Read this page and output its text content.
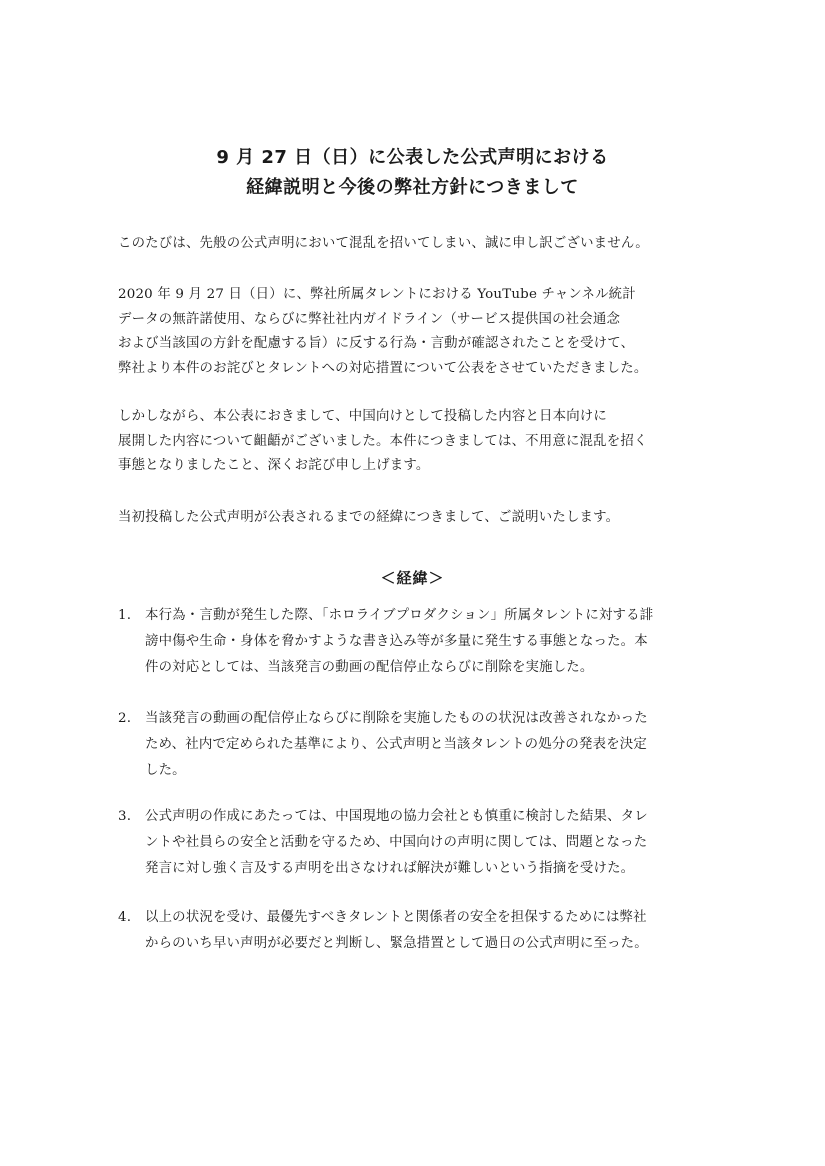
9 月 27 日（日）に公表した公式声明における
経緯説明と今後の弊社方針につきまして
このたびは、先般の公式声明において混乱を招いてしまい、誠に申し訳ございません。
2020 年 9 月 27 日（日）に、弊社所属タレントにおける YouTube チャンネル統計
データの無許諾使用、ならびに弊社社内ガイドライン（サービス提供国の社会通念
および当該国の方針を配慮する旨）に反する行為・言動が確認されたことを受けて、
弊社より本件のお詫びとタレントへの対応措置について公表をさせていただきました。
しかしながら、本公表におきまして、中国向けとして投稿した内容と日本向けに
展開した内容について齟齬がございました。本件につきましては、不用意に混乱を招く
事態となりましたこと、深くお詫び申し上げます。
当初投稿した公式声明が公表されるまでの経緯につきまして、ご説明いたします。
＜経緯＞
1.	本行為・言動が発生した際、「ホロライブプロダクション」所属タレントに対する誹
謗中傷や生命・身体を脅かすような書き込み等が多量に発生する事態となった。本
件の対応としては、当該発言の動画の配信停止ならびに削除を実施した。
2.	当該発言の動画の配信停止ならびに削除を実施したものの状況は改善されなかった
ため、社内で定められた基準により、公式声明と当該タレントの処分の発表を決定
した。
3.	公式声明の作成にあたっては、中国現地の協力会社とも慎重に検討した結果、タレ
ントや社員らの安全と活動を守るため、中国向けの声明に関しては、問題となった
発言に対し強く言及する声明を出さなければ解決が難しいという指摘を受けた。
4.	以上の状況を受け、最優先すべきタレントと関係者の安全を担保するためには弊社
からのいち早い声明が必要だと判断し、緊急措置として過日の公式声明に至った。
